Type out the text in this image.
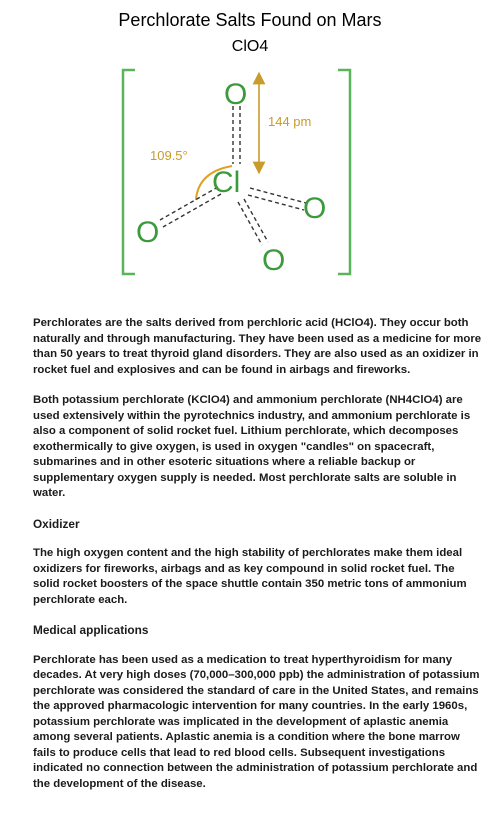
Perchlorate Salts Found on Mars
ClO4
O
Cl
O
O
O
109.5°
144 pm

Perchlorates are the salts derived from perchloric acid (HClO4). They occur both naturally and through manufacturing. They have been used as a medicine for more than 50 years to treat thyroid gland disorders. They are also used as an oxidizer in rocket fuel and explosives and can be found in airbags and fireworks.

Both potassium perchlorate (KClO4) and ammonium perchlorate (NH4ClO4) are used extensively within the pyrotechnics industry, and ammonium perchlorate is also a component of solid rocket fuel. Lithium perchlorate, which decomposes exothermically to give oxygen, is used in oxygen "candles" on spacecraft, submarines and in other esoteric situations where a reliable backup or supplementary oxygen supply is needed. Most perchlorate salts are soluble in water.

Oxidizer

The high oxygen content and the high stability of perchlorates make them ideal oxidizers for fireworks, airbags and as key compound in solid rocket fuel. The solid rocket boosters of the space shuttle contain 350 metric tons of ammonium perchlorate each.

Medical applications

Perchlorate has been used as a medication to treat hyperthyroidism for many decades. At very high doses (70,000–300,000 ppb) the administration of potassium perchlorate was considered the standard of care in the United States, and remains the approved pharmacologic intervention for many countries. In the early 1960s, potassium perchlorate was implicated in the development of aplastic anemia among several patients. Aplastic anemia is a condition where the bone marrow fails to produce cells that lead to red blood cells. Subsequent investigations indicated no connection between the administration of potassium perchlorate and the development of the disease.
